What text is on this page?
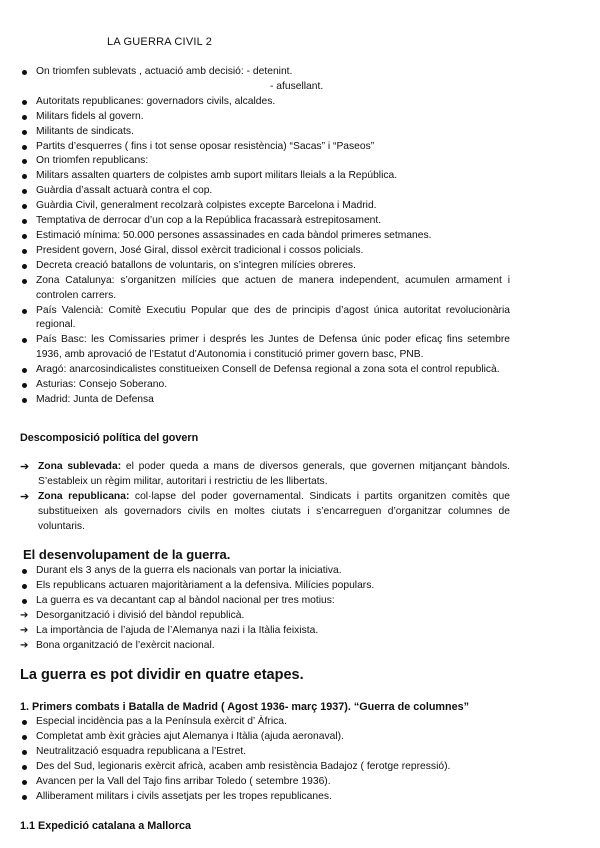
LA GUERRA CIVIL 2
On triomfen sublevats , actuació amb decisió: - detenint.
- afusellant.
Autoritats republicanes: governadors civils, alcaldes.
Militars fidels al govern.
Militants de sindicats.
Partits d’esquerres ( fins i tot sense oposar resistència) “Sacas” i “Paseos”
On triomfen republicans:
Militars assalten quarters de colpistes amb suport militars lleials a la República.
Guàrdia d’assalt actuarà contra el cop.
Guàrdia Civil, generalment recolzarà colpistes excepte Barcelona i Madrid.
Temptativa de derrocar d’un cop a la República fracassarà estrepitosament.
Estimació mínima: 50.000 persones assassinades en cada bàndol primeres setmanes.
President govern, José Giral, dissol exèrcit tradicional i cossos policials.
Decreta creació batallons de voluntaris, on s’integren milícies obreres.
Zona Catalunya: s’organitzen milícies que actuen de manera independent, acumulen armament i controlen carrers.
País Valencià: Comitè Executiu Popular que des de principis d’agost única autoritat revolucionària regional.
País Basc: les Comissaries primer i després les Juntes de Defensa únic poder eficaç fins setembre 1936, amb aprovació de l’Estatut d’Autonomia i constitució primer govern basc, PNB.
Aragó: anarcosindicalistes constitueixen Consell de Defensa regional a zona sota el control republicà.
Asturias: Consejo Soberano.
Madrid: Junta de Defensa
Descomposició política del govern
➔ Zona sublevada: el poder queda a mans de diversos generals, que governen mitjançant bàndols. S’estableix un règim militar, autoritari i restrictiu de les llibertats.
➔ Zona republicana: col·lapse del poder governamental. Sindicats i partits organitzen comitès que substitueixen als governadors civils en moltes ciutats i s’encarreguen d’organitzar columnes de voluntaris.
El desenvolupament de la guerra.
Durant els 3 anys de la guerra els nacionals van portar la iniciativa.
Els republicans actuaren majoritàriament a la defensiva. Milícies populars.
La guerra es va decantant cap al bàndol nacional per tres motius:
➔ Desorganització i divisió del bàndol republicà.
➔ La importància de l’ajuda de l’Alemanya nazi i la Itàlia feixista.
➔ Bona organització de l’exèrcit nacional.
La guerra es pot dividir en quatre etapes.
1. Primers combats i Batalla de Madrid ( Agost 1936- març 1937). “Guerra de columnes”
Especial incidència pas a la Península exèrcit d’ Àfrica.
Completat amb èxit gràcies ajut Alemanya i Itàlia (ajuda aeronaval).
Neutralització esquadra republicana a l’Estret.
Des del Sud, legionaris exèrcit africà, acaben amb resistència Badajoz ( ferotge repressió).
Avancen per la Vall del Tajo fins arribar Toledo ( setembre 1936).
Alliberament militars i civils assetjats per les tropes republicanes.
1.1 Expedició catalana a Mallorca
